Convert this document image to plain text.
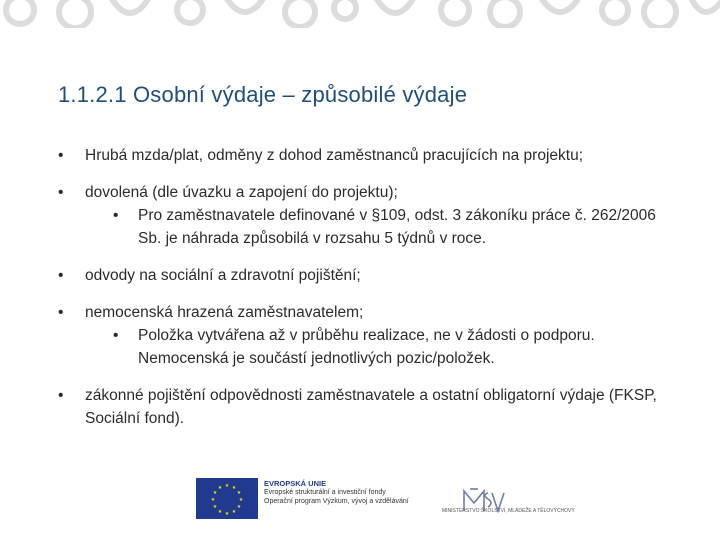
1.1.2.1 Osobní výdaje – způsobilé výdaje
•	Hrubá mzda/plat, odměny z dohod zaměstnanců pracujících na projektu;
•	dovolená (dle úvazku a zapojení do projektu);
•	Pro zaměstnavatele definované v §109, odst. 3 zákoníku práce č. 262/2006 Sb. je náhrada způsobilá v rozsahu 5 týdnů v roce.
•	odvody na sociální a zdravotní pojištění;
•	nemocenská hrazená zaměstnavatelem;
•	Položka vytvářena až v průběhu realizace, ne v žádosti o podporu. Nemocenská je součástí jednotlivých pozic/položek.
•	zákonné pojištění odpovědnosti zaměstnavatele a ostatní obligatorní výdaje (FKSP, Sociální fond).
★ ★
★
★
★
★
★
★
★
★
★
★	EVROPSKÁ UNIE
Evropské strukturální a investiční fondy
Operační program Výzkum, vývoj a vzdělávání
MINISTERSTVO ŠKOLSTVÍ, MLÁDEŽE A TĚLOVÝCHOVY
